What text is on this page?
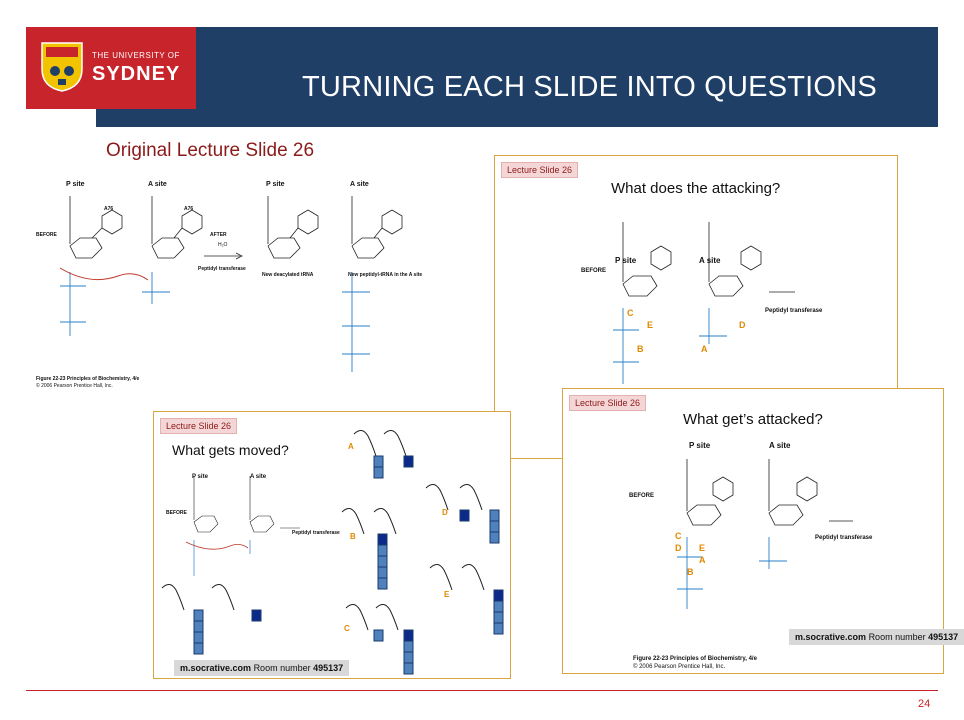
TURNING EACH SLIDE INTO QUESTIONS
THE UNIVERSITY OF
SYDNEY
Original Lecture Slide 26
P site	A site	P site	A site
BEFORE	AFTER
H₂O
Peptidyl transferase
A76	A76
New deacylated tRNA	New peptidyl-tRNA in the A site
Figure 22-23 Principles of Biochemistry, 4/e
© 2006 Pearson Prentice Hall, Inc.
Lecture Slide 26
What does the attacking?
P site	A site
BEFORE
Peptidyl transferase
C
E
B
D
A
Lecture Slide 26
What gets moved?
P site	A site
BEFORE
Peptidyl transferase
A
B
C
D
E
m.socrative.com Room number 495137
Lecture Slide 26
What get’s attacked?
P site	A site
BEFORE
Peptidyl transferase
C
D E
A
B
m.socrative.com Room number 495137
Figure 22-23 Principles of Biochemistry, 4/e
© 2006 Pearson Prentice Hall, Inc.
24
